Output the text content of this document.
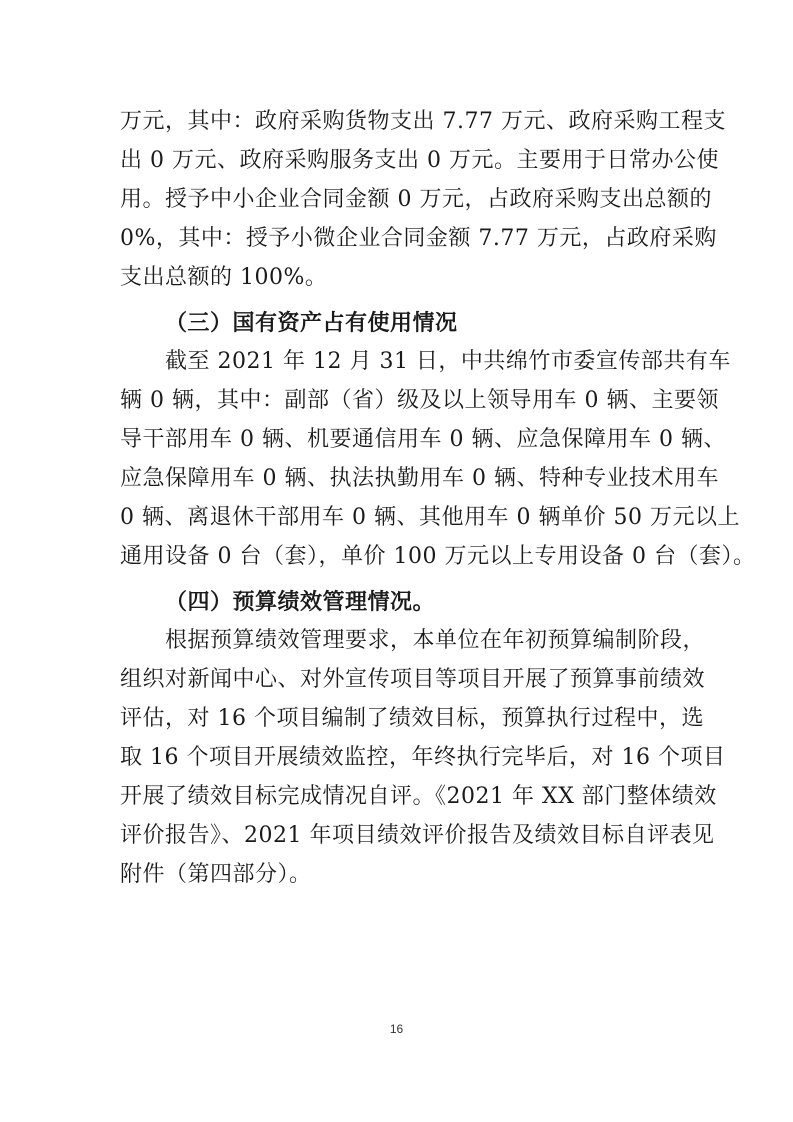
万元，其中：政府采购货物支出 7.77 万元、政府采购工程支
出 0 万元、政府采购服务支出 0 万元。主要用于日常办公使
用。授予中小企业合同金额 0 万元，占政府采购支出总额的
0%，其中：授予小微企业合同金额 7.77 万元，占政府采购
支出总额的 100%。
（三）国有资产占有使用情况
截至 2021 年 12 月 31 日，中共绵竹市委宣传部共有车
辆 0 辆，其中：副部（省）级及以上领导用车 0 辆、主要领
导干部用车 0 辆、机要通信用车 0 辆、应急保障用车 0 辆、
应急保障用车 0 辆、执法执勤用车 0 辆、特种专业技术用车
0 辆、离退休干部用车 0 辆、其他用车 0 辆单价 50 万元以上
通用设备 0 台（套），单价 100 万元以上专用设备 0 台（套）。
（四）预算绩效管理情况。
根据预算绩效管理要求，本单位在年初预算编制阶段，
组织对新闻中心、对外宣传项目等项目开展了预算事前绩效
评估，对 16 个项目编制了绩效目标，预算执行过程中，选
取 16 个项目开展绩效监控，年终执行完毕后，对 16 个项目
开展了绩效目标完成情况自评。《2021 年 XX 部门整体绩效
评价报告》、2021 年项目绩效评价报告及绩效目标自评表见
附件（第四部分）。
16
